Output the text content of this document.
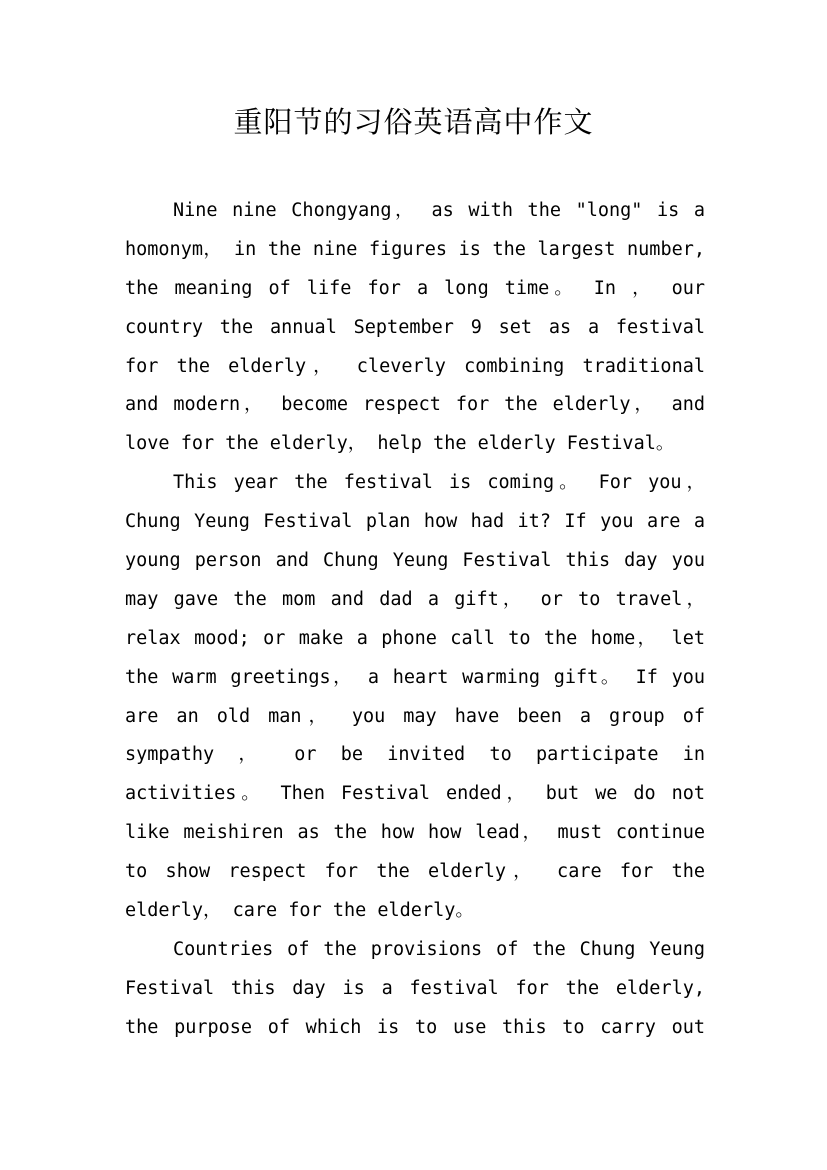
重阳节的习俗英语高中作文
Nine nine Chongyang， as with the "long" is a
homonym， in the nine figures is the largest number,
the meaning of life for a long time。 In ， our
country the annual September 9 set as a festival
for the elderly， cleverly combining traditional
and modern， become respect for the elderly， and
love for the elderly， help the elderly Festival。
This year the festival is coming。 For you，
Chung Yeung Festival plan how had it? If you are a
young person and Chung Yeung Festival this day you
may gave the mom and dad a gift， or to travel，
relax mood; or make a phone call to the home， let
the warm greetings， a heart warming gift。 If you
are an old man， you may have been a group of
sympathy ， or be invited to participate in
activities。 Then Festival ended， but we do not
like meishiren as the how how lead， must continue
to show respect for the elderly， care for the
elderly， care for the elderly。
Countries of the provisions of the Chung Yeung
Festival this day is a festival for the elderly,
the purpose of which is to use this to carry out
